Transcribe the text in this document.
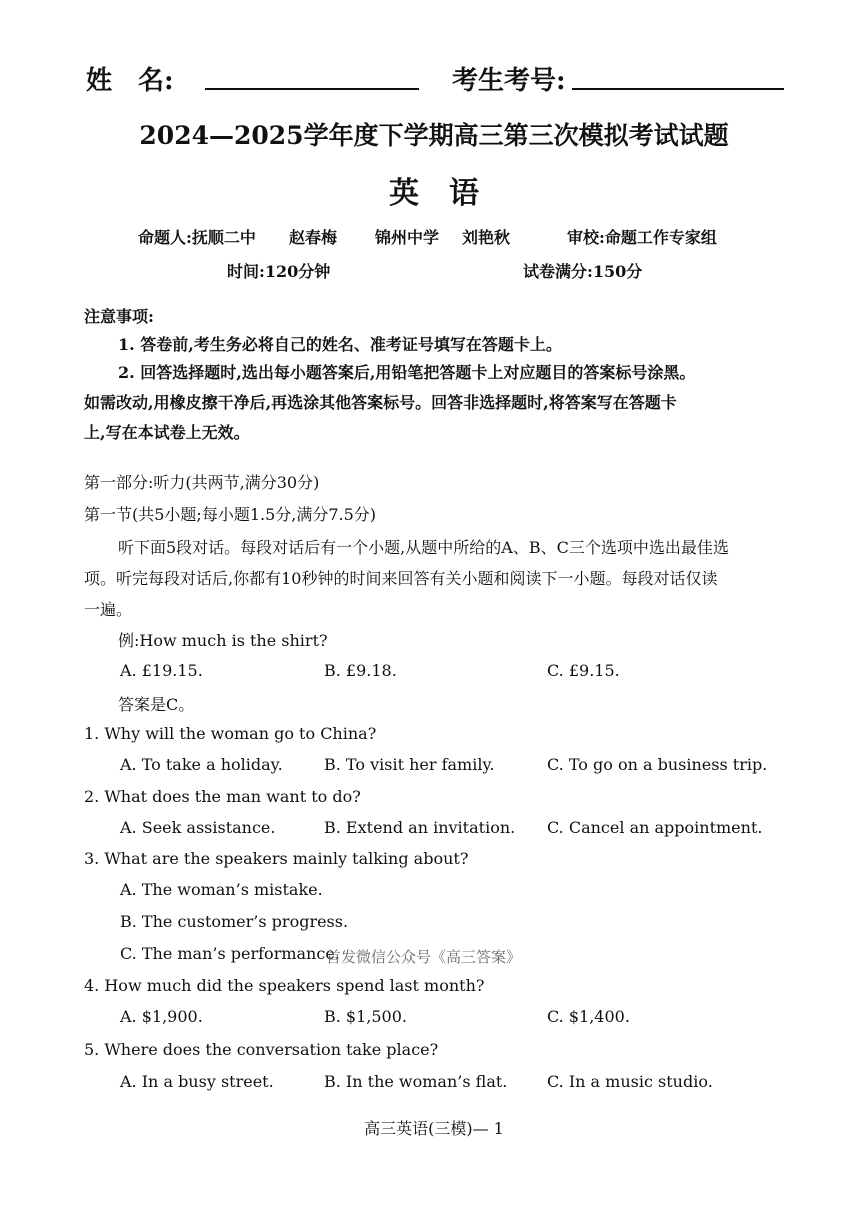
姓　名:	考生考号:
2024—2025学年度下学期高三第三次模拟考试试题
英　语
命题人:抚顺二中 赵春梅 锦州中学 刘艳秋	审校:命题工作专家组
时间:120分钟	试卷满分:150分
注意事项:
1. 答卷前,考生务必将自己的姓名、准考证号填写在答题卡上。
2. 回答选择题时,选出每小题答案后,用铅笔把答题卡上对应题目的答案标号涂黑。
如需改动,用橡皮擦干净后,再选涂其他答案标号。回答非选择题时,将答案写在答题卡
上,写在本试卷上无效。
第一部分:听力(共两节,满分30分)
第一节(共5小题;每小题1.5分,满分7.5分)
听下面5段对话。每段对话后有一个小题,从题中所给的A、B、C三个选项中选出最佳选
项。听完每段对话后,你都有10秒钟的时间来回答有关小题和阅读下一小题。每段对话仅读
一遍。
例:How much is the shirt?
A. £19.15.	B. £9.18.	C. £9.15.
答案是C。
1. Why will the woman go to China?
A. To take a holiday.	B. To visit her family.	C. To go on a business trip.
2. What does the man want to do?
A. Seek assistance.	B. Extend an invitation. C. Cancel an appointment.
3. What are the speakers mainly talking about?
A. The woman’s mistake.
B. The customer’s progress.
C. The man’s performance.
首发微信公众号《高三答案》
4. How much did the speakers spend last month?
A. $1,900.	B. $1,500.	C. $1,400.
5. Where does the conversation take place?
A. In a busy street.	B. In the woman’s flat. C. In a music studio.
高三英语(三模)— 1
